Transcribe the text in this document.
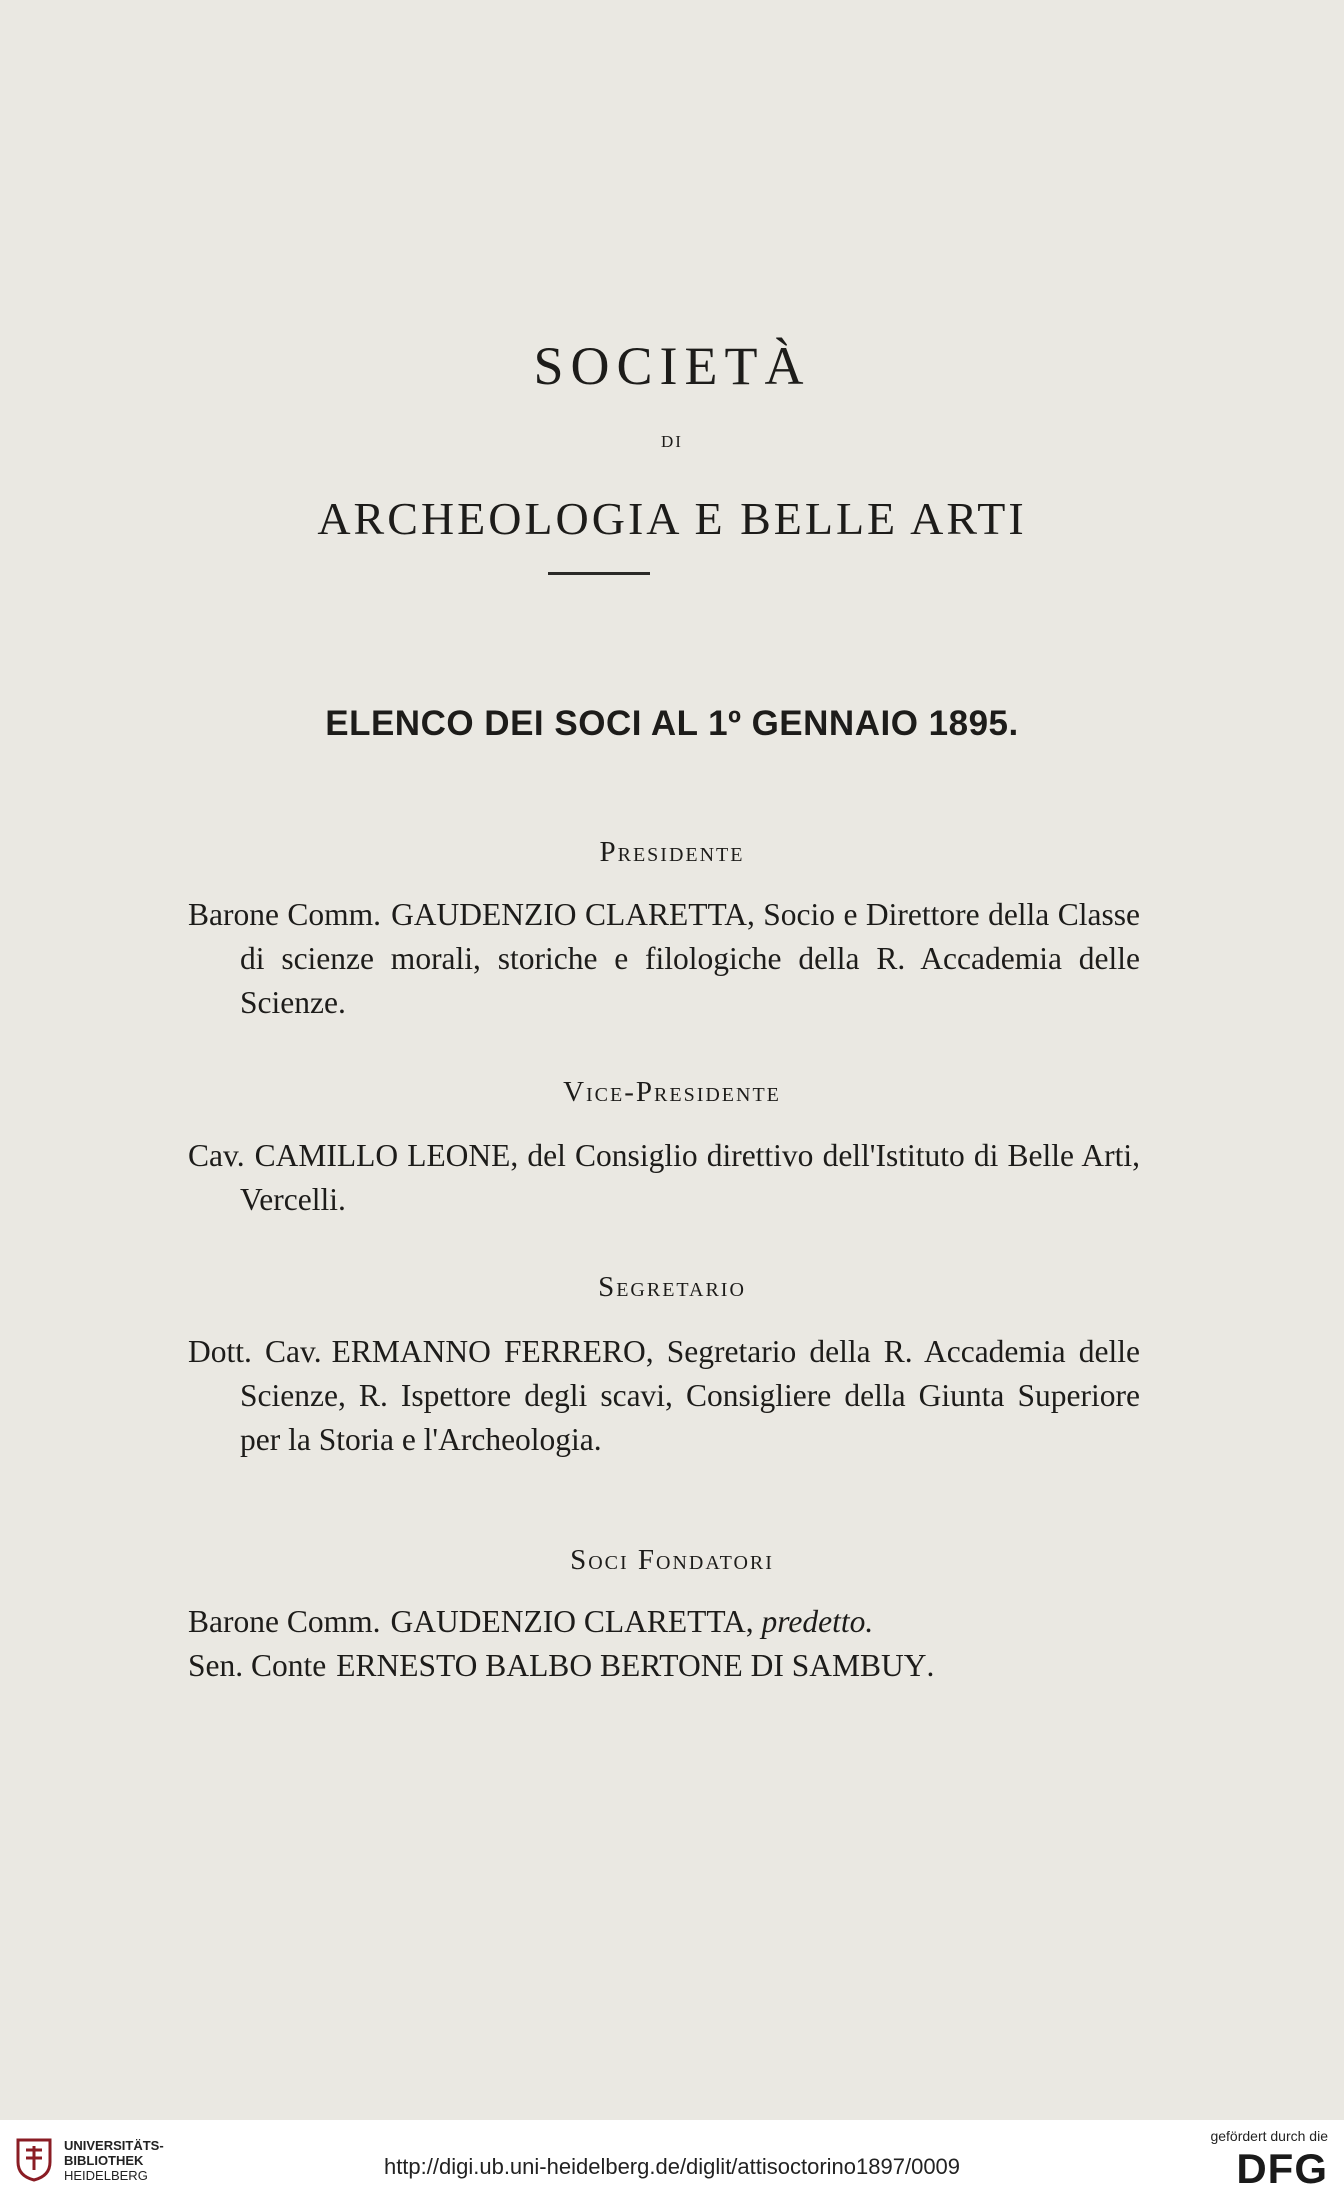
SOCIETÀ
DI
ARCHEOLOGIA E BELLE ARTI
ELENCO DEI SOCI AL 1º GENNAIO 1895.
Presidente
Barone Comm. GAUDENZIO CLARETTA, Socio e Direttore della Classe di scienze morali, storiche e filologiche della R. Accademia delle Scienze.
Vice-Presidente
Cav. CAMILLO LEONE, del Consiglio direttivo dell'Istituto di Belle Arti, Vercelli.
Segretario
Dott. Cav. ERMANNO FERRERO, Segretario della R. Accademia delle Scienze, R. Ispettore degli scavi, Consigliere della Giunta Superiore per la Storia e l'Archeologia.
Soci Fondatori
Barone Comm. GAUDENZIO CLARETTA, predetto.
Sen. Conte ERNESTO BALBO BERTONE DI SAMBUY.
UNIVERSITÄTS-
BIBLIOTHEK
HEIDELBERG	http://digi.ub.uni-heidelberg.de/diglit/attisoctorino1897/0009
gefördert durch die
DFG
